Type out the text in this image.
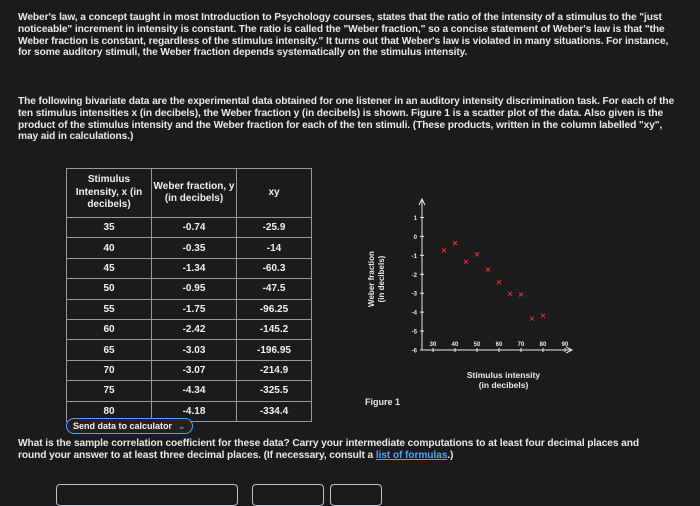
Weber's law, a concept taught in most Introduction to Psychology courses, states that the ratio of the intensity of a stimulus to the "just noticeable" increment in intensity is constant. The ratio is called the "Weber fraction," so a concise statement of Weber's law is that "the Weber fraction is constant, regardless of the stimulus intensity." It turns out that Weber's law is violated in many situations. For instance, for some auditory stimuli, the Weber fraction depends systematically on the stimulus intensity.
The following bivariate data are the experimental data obtained for one listener in an auditory intensity discrimination task. For each of the ten stimulus intensities x (in decibels), the Weber fraction y (in decibels) is shown. Figure 1 is a scatter plot of the data. Also given is the product of the stimulus intensity and the Weber fraction for each of the ten stimuli. (These products, written in the column labelled "xy", may aid in calculations.)
Stimulus Intensity, x (in decibels)	Weber fraction, y (in decibels)	xy
35	-0.74	-25.9
40	-0.35	-14
45	-1.34	-60.3
50	-0.95	-47.5
55	-1.75	-96.25
60	-2.42	-145.2
65	-3.03	-196.95
70	-3.07	-214.9
75	-4.34	-325.5
80	-4.18	-334.4
Send data to calculator ⌄
1
0
-1
-2
-3
-4
-5
-6
30	40	50	60	70	80	90
Weber fraction(in decibels)
Stimulus intensity (in decibels)
Figure 1
What is the sample correlation coefficient for these data? Carry your intermediate computations to at least four decimal places and round your answer to at least three decimal places. (If necessary, consult a list of formulas.)
